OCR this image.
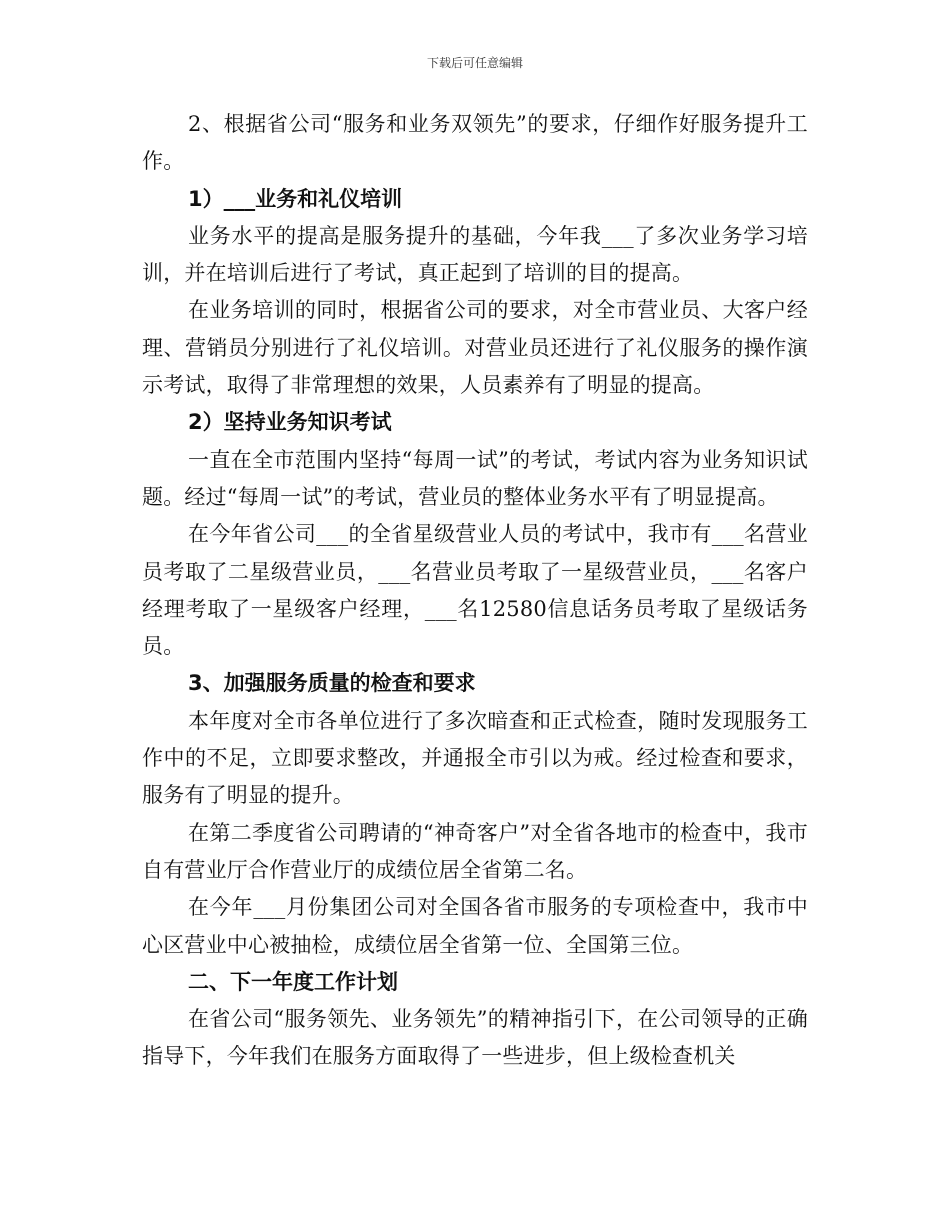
下载后可任意编辑

2、根据省公司“服务和业务双领先”的要求，仔细作好服务提升工作。

1）___业务和礼仪培训

业务水平的提高是服务提升的基础，今年我___了多次业务学习培训，并在培训后进行了考试，真正起到了培训的目的提高。

在业务培训的同时，根据省公司的要求，对全市营业员、大客户经理、营销员分别进行了礼仪培训。对营业员还进行了礼仪服务的操作演示考试，取得了非常理想的效果，人员素养有了明显的提高。

2）坚持业务知识考试

一直在全市范围内坚持“每周一试”的考试，考试内容为业务知识试题。经过“每周一试”的考试，营业员的整体业务水平有了明显提高。

在今年省公司___的全省星级营业人员的考试中，我市有___名营业员考取了二星级营业员，___名营业员考取了一星级营业员，___名客户经理考取了一星级客户经理，___名12580信息话务员考取了星级话务员。

3、加强服务质量的检查和要求

本年度对全市各单位进行了多次暗查和正式检查，随时发现服务工作中的不足，立即要求整改，并通报全市引以为戒。经过检查和要求，服务有了明显的提升。

在第二季度省公司聘请的“神奇客户”对全省各地市的检查中，我市自有营业厅合作营业厅的成绩位居全省第二名。

在今年___月份集团公司对全国各省市服务的专项检查中，我市中心区营业中心被抽检，成绩位居全省第一位、全国第三位。

二、下一年度工作计划

在省公司“服务领先、业务领先”的精神指引下，在公司领导的正确指导下，今年我们在服务方面取得了一些进步，但上级检查机关
